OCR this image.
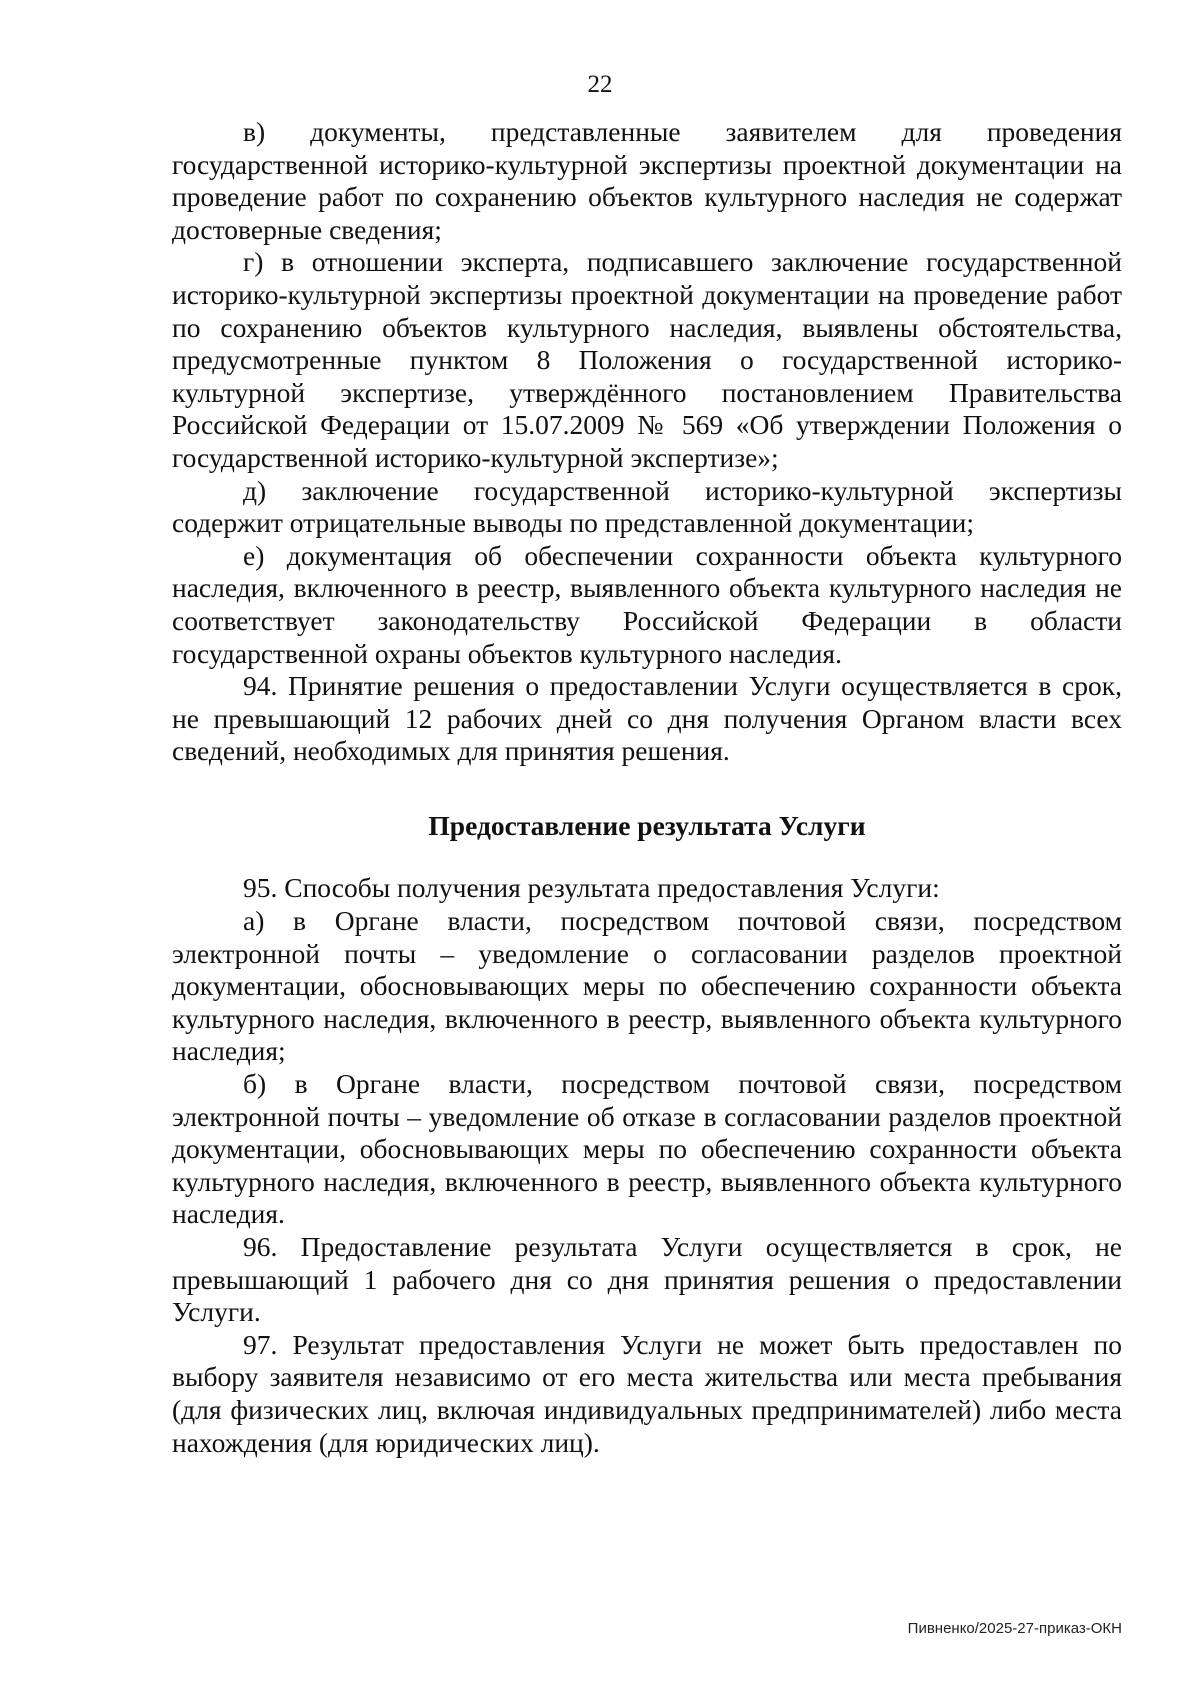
22

в) документы, представленные заявителем для проведения государственной историко-культурной экспертизы проектной документации на проведение работ по сохранению объектов культурного наследия не содержат достоверные сведения;

г) в отношении эксперта, подписавшего заключение государственной историко-культурной экспертизы проектной документации на проведение работ по сохранению объектов культурного наследия, выявлены обстоятельства, предусмотренные пунктом 8 Положения о государственной историко-культурной экспертизе, утверждённого постановлением Правительства Российской Федерации от 15.07.2009 № 569 «Об утверждении Положения о государственной историко-культурной экспертизе»;

д) заключение государственной историко-культурной экспертизы содержит отрицательные выводы по представленной документации;

е) документация об обеспечении сохранности объекта культурного наследия, включенного в реестр, выявленного объекта культурного наследия не соответствует законодательству Российской Федерации в области государственной охраны объектов культурного наследия.

94. Принятие решения о предоставлении Услуги осуществляется в срок, не превышающий 12 рабочих дней со дня получения Органом власти всех сведений, необходимых для принятия решения.

Предоставление результата Услуги

95. Способы получения результата предоставления Услуги:

а) в Органе власти, посредством почтовой связи, посредством электронной почты – уведомление о согласовании разделов проектной документации, обосновывающих меры по обеспечению сохранности объекта культурного наследия, включенного в реестр, выявленного объекта культурного наследия;

б) в Органе власти, посредством почтовой связи, посредством электронной почты – уведомление об отказе в согласовании разделов проектной документации, обосновывающих меры по обеспечению сохранности объекта культурного наследия, включенного в реестр, выявленного объекта культурного наследия.

96. Предоставление результата Услуги осуществляется в срок, не превышающий 1 рабочего дня со дня принятия решения о предоставлении Услуги.

97. Результат предоставления Услуги не может быть предоставлен по выбору заявителя независимо от его места жительства или места пребывания (для физических лиц, включая индивидуальных предпринимателей) либо места нахождения (для юридических лиц).

Пивненко/2025-27-приказ-ОКН
